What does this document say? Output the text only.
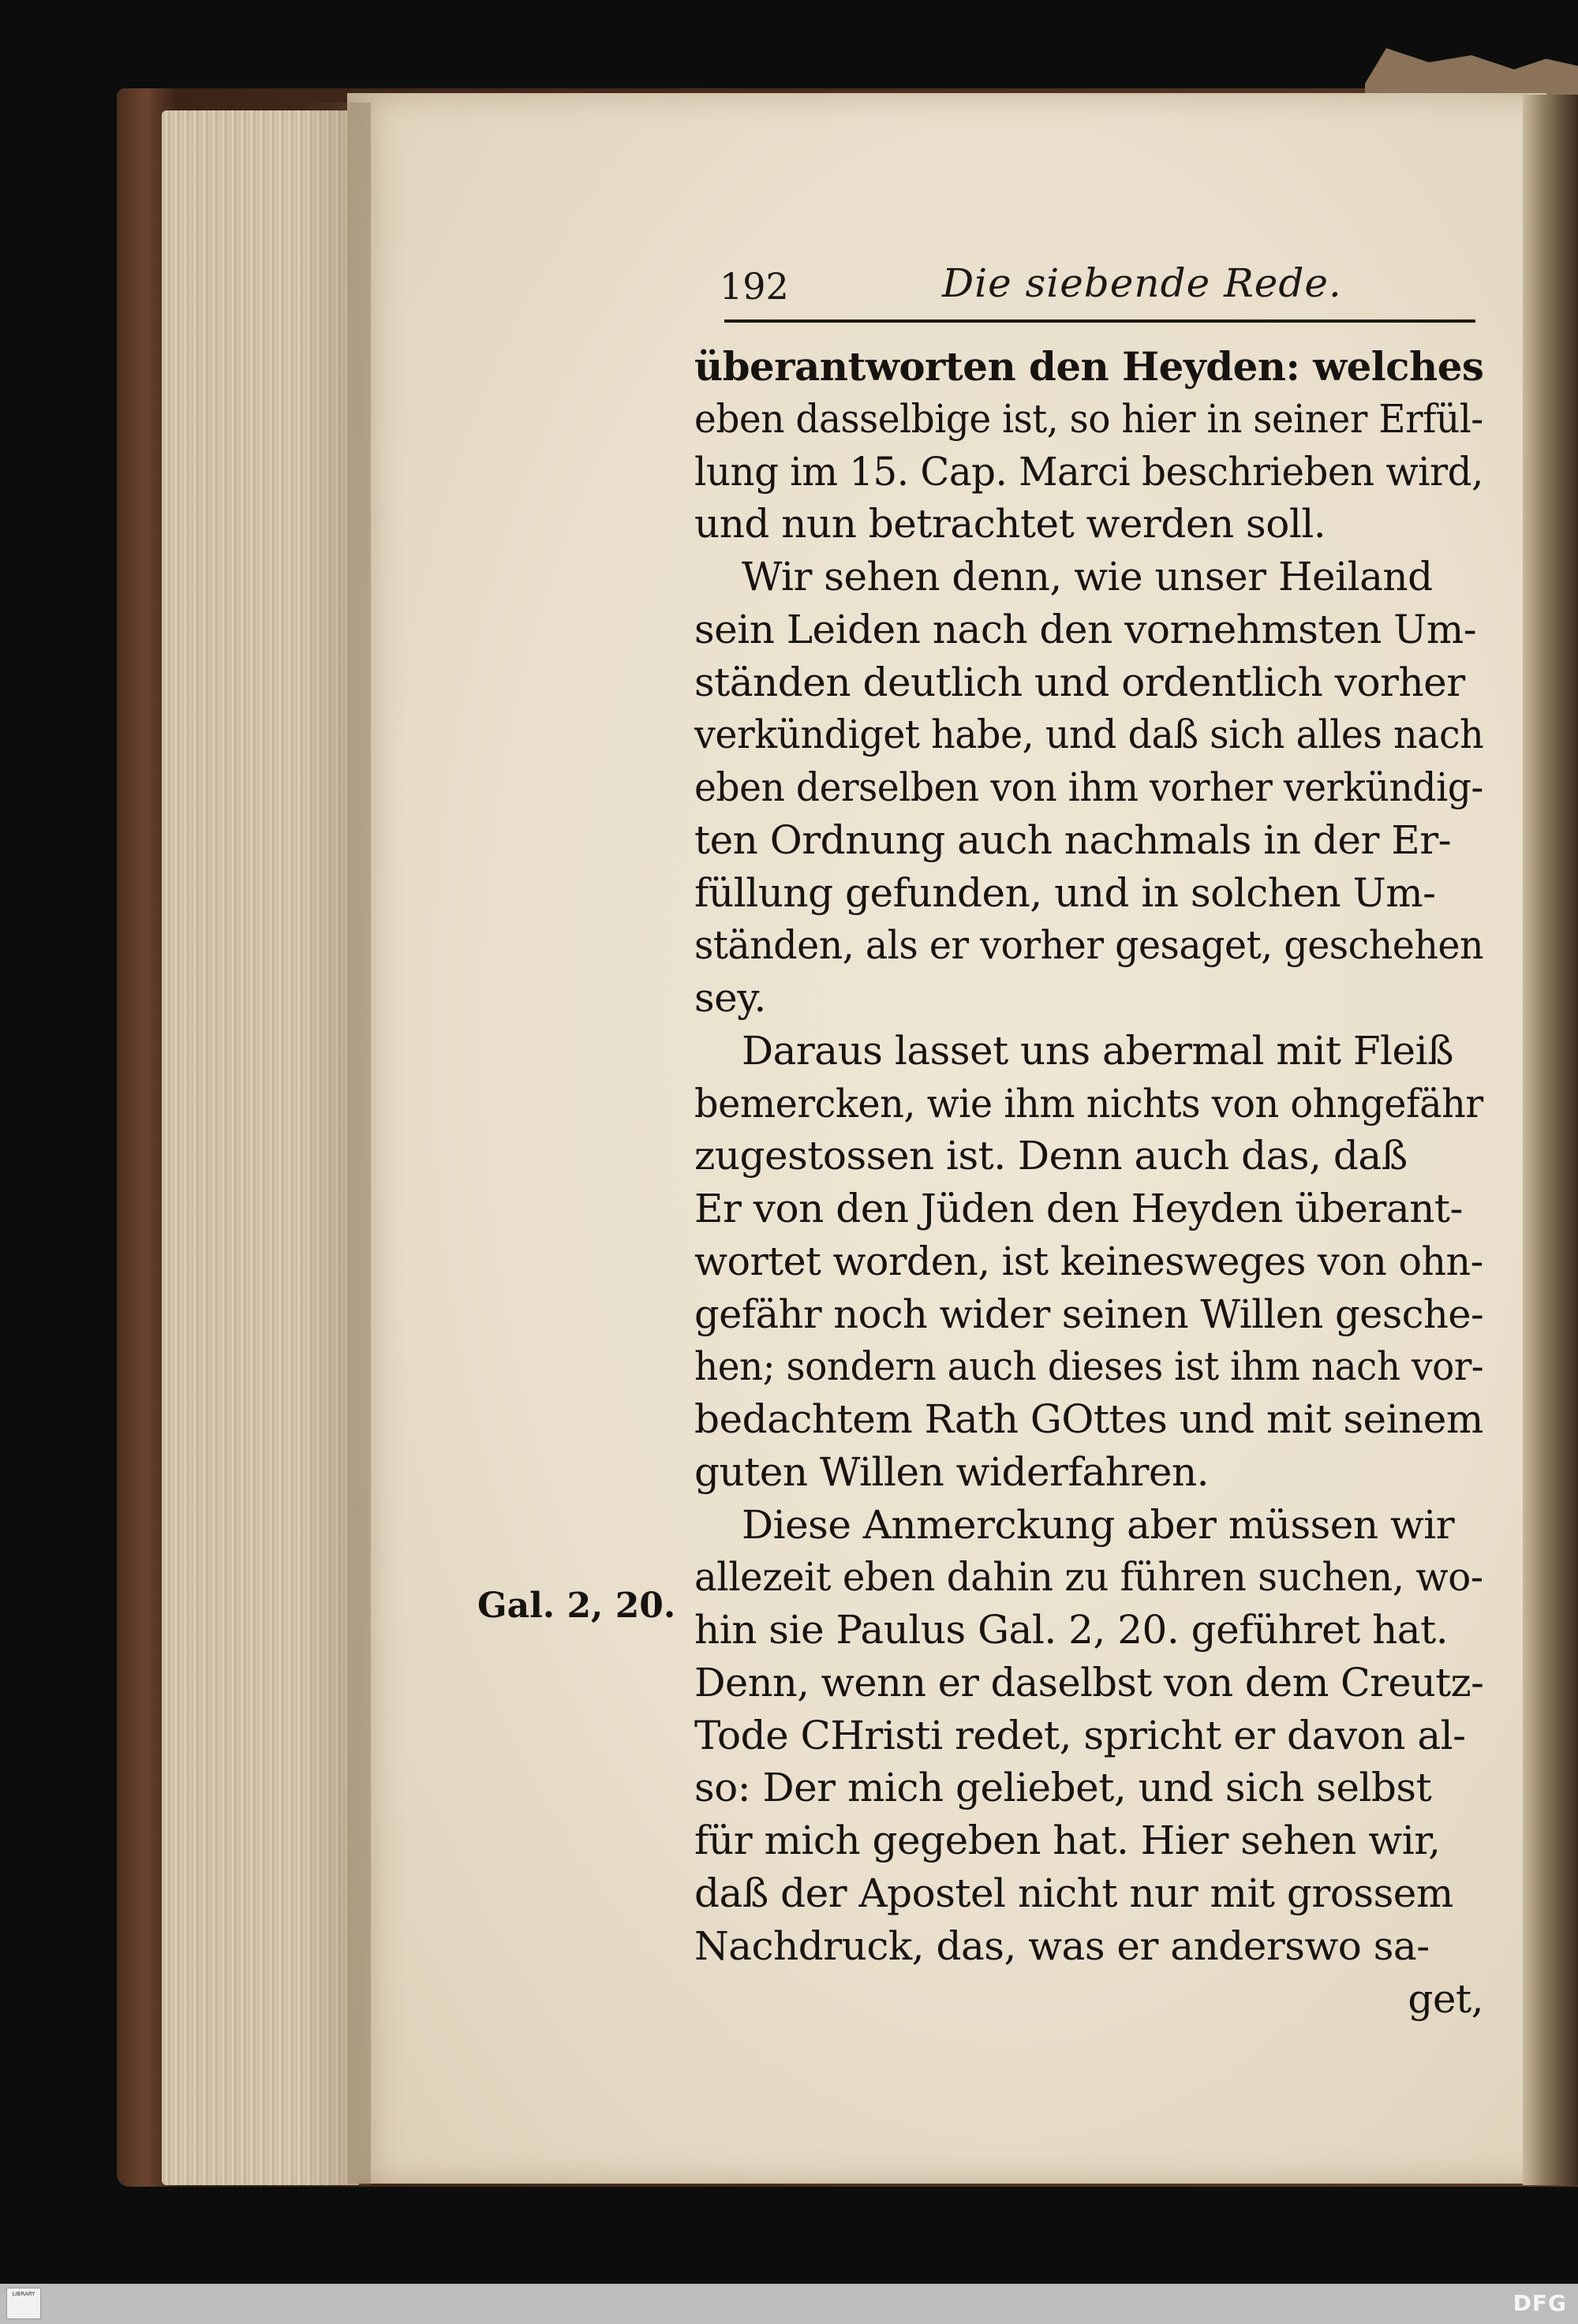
ﾠ
192	Die siebende Rede.
Gal. 2, 20.
überantworten den Heyden: welches
eben dasselbige ist, so hier in seiner Erfül-
lung im 15. Cap. Marci beschrieben wird,
und nun betrachtet werden soll.
Wir sehen denn, wie unser Heiland
sein Leiden nach den vornehmsten Um-
ständen deutlich und ordentlich vorher
verkündiget habe, und daß sich alles nach
eben derselben von ihm vorher verkündig-
ten Ordnung auch nachmals in der Er-
füllung gefunden, und in solchen Um-
ständen, als er vorher gesaget, geschehen
sey.
Daraus lasset uns abermal mit Fleiß
bemercken, wie ihm nichts von ohngefähr
zugestossen ist. Denn auch das, daß
Er von den Jüden den Heyden überant-
wortet worden, ist keinesweges von ohn-
gefähr noch wider seinen Willen geschе-
hen; sondern auch dieses ist ihm nach vor-
bedachtem Rath GOttes und mit seinem
guten Willen widerfahren.
Diese Anmerckung aber müssen wir
allezeit eben dahin zu führen suchen, wo-
hin sie Paulus Gal. 2, 20. geführet hat.
Denn, wenn er daselbst von dem Creutz-
Tode CHristi redet, spricht er davon al-
so: Der mich geliebet, und sich selbst
für mich gegeben hat. Hier sehen wir,
daß der Apostel nicht nur mit grossem
Nachdruck, das, was er anderswo sa-
get,
LIBRARY	DFG
